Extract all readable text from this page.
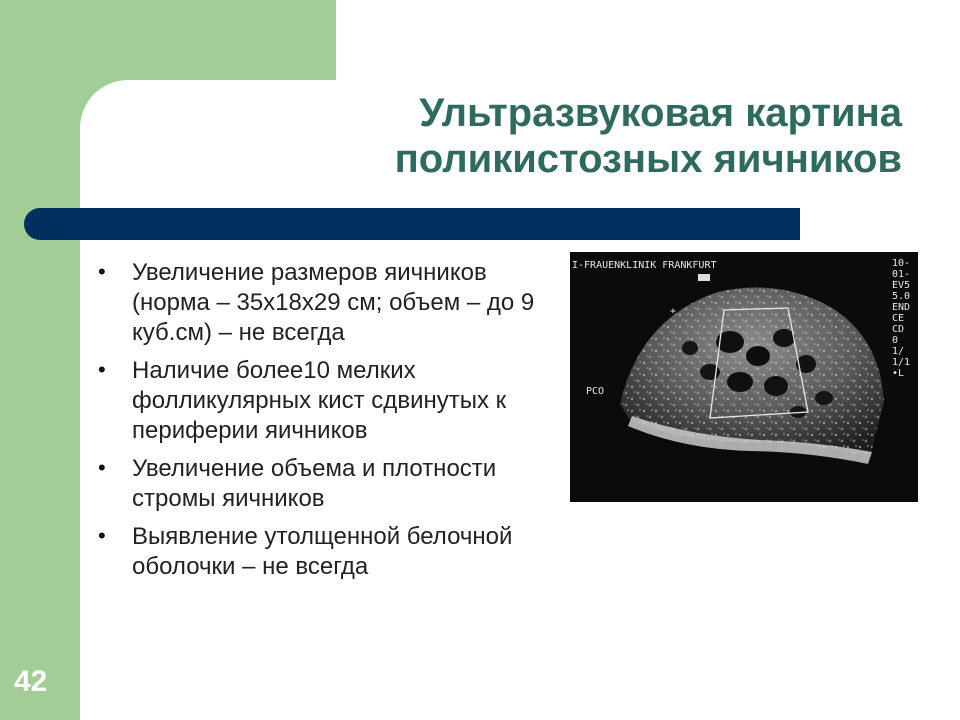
Ультразвуковая картина
поликистозных яичников
• Увеличение размеров яичников (норма – 35х18х29 см; объем – до 9 куб.см) – не всегда
• Наличие более10 мелких фолликулярных кист сдвинутых к периферии яичников
• Увеличение объема и плотности стромы яичников
• Выявление утолщенной белочной оболочки – не всегда
I-FRAUENKLINIK FRANKFURT	10-
01-
EV5
5.0
END
CE
CD
0
1/
1/1
•L
+
PCO
42
